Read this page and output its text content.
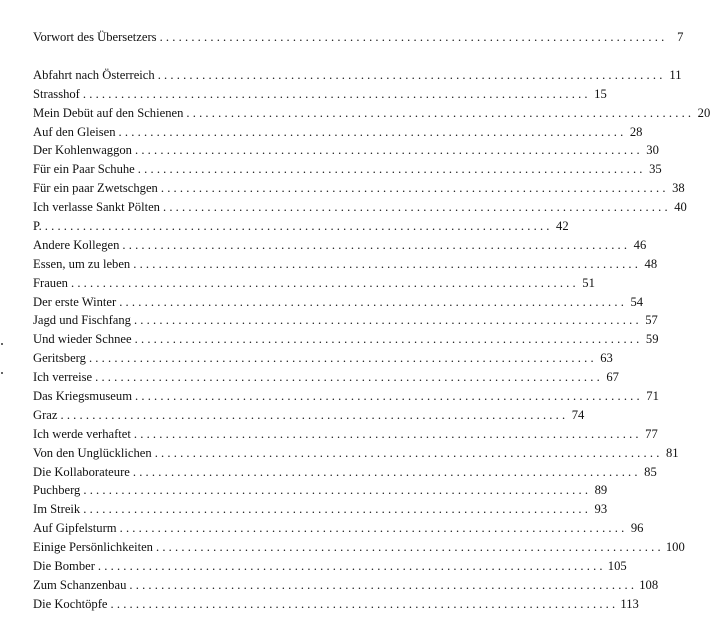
Vorwort des Übersetzers ................................................................................ 7
Abfahrt nach Österreich ................................................................................ 11
Strasshof ................................................................................ 15
Mein Debüt auf den Schienen ................................................................................ 20
Auf den Gleisen ................................................................................ 28
Der Kohlenwaggon ................................................................................ 30
Für ein Paar Schuhe ................................................................................ 35
Für ein paar Zwetschgen ................................................................................ 38
Ich verlasse Sankt Pölten ................................................................................ 40
P. ................................................................................ 42
Andere Kollegen ................................................................................ 46
Essen, um zu leben ................................................................................ 48
Frauen ................................................................................ 51
Der erste Winter ................................................................................ 54
Jagd und Fischfang ................................................................................ 57
Und wieder Schnee ................................................................................ 59
Geritsberg ................................................................................ 63
Ich verreise ................................................................................ 67
Das Kriegsmuseum ................................................................................ 71
Graz ................................................................................ 74
Ich werde verhaftet ................................................................................ 77
Von den Unglücklichen ................................................................................ 81
Die Kollaborateure ................................................................................ 85
Puchberg ................................................................................ 89
Im Streik ................................................................................ 93
Auf Gipfelsturm ................................................................................ 96
Einige Persönlichkeiten ................................................................................ 100
Die Bomber ................................................................................ 105
Zum Schanzenbau ................................................................................ 108
Die Kochtöpfe ................................................................................ 113
